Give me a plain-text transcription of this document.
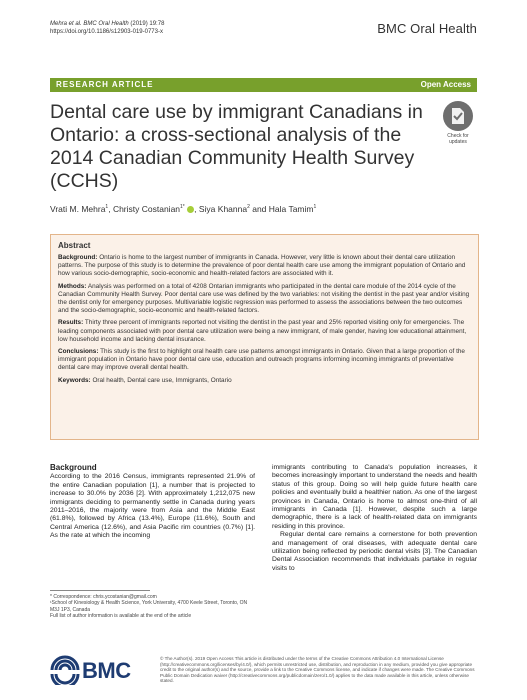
Mehra et al. BMC Oral Health (2019) 19:78
https://doi.org/10.1186/s12903-019-0773-x	BMC Oral Health
RESEARCH ARTICLE	Open Access
Dental care use by immigrant Canadians in Ontario: a cross-sectional analysis of the 2014 Canadian Community Health Survey (CCHS)
Check for updates
Vrati M. Mehra$^1$, Christy Costanian$^{1*}$ , Siya Khanna$^2$ and Hala Tamim$^1$
Abstract

Background: Ontario is home to the largest number of immigrants in Canada. However, very little is known about their dental care utilization patterns. The purpose of this study is to determine the prevalence of poor dental health care use among the immigrant population of Ontario and how various socio-demographic, socio-economic and health-related factors are associated with it.

Methods: Analysis was performed on a total of 4208 Ontarian immigrants who participated in the dental care module of the 2014 cycle of the Canadian Community Health Survey. Poor dental care use was defined by the two variables: not visiting the dentist in the past year and/or visiting the dentist only for emergency purposes. Multivariable logistic regression was performed to assess the associations between the two outcomes and the socio-demographic, socio-economic and health-related factors.

Results: Thirty three percent of immigrants reported not visiting the dentist in the past year and 25% reported visiting only for emergencies. The leading components associated with poor dental care utilization were being a new immigrant, of male gender, having low educational attainment, low household income and lacking dental insurance.

Conclusions: This study is the first to highlight oral health care use patterns amongst immigrants in Ontario. Given that a large proportion of the immigrant population in Ontario have poor dental care use, education and outreach programs informing incoming immigrants of preventative dental care may improve overall dental health.

Keywords: Oral health, Dental care use, Immigrants, Ontario

Background

According to the 2016 Census, immigrants represented 21.9% of the entire Canadian population [1], a number that is projected to increase to 30.0% by 2036 [2]. With approximately 1,212,075 new immigrants deciding to permanently settle in Canada during years 2011–2016, the majority were from Asia and the Middle East (61.8%), followed by Africa (13.4%), Europe (11.6%), South and Central America (12.6%), and Asia Pacific rim countries (0.7%) [1]. As the rate at which the incoming

immigrants contributing to Canada's population increases, it becomes increasingly important to understand the needs and health status of this group. Doing so will help guide future health care policies and eventually build a healthier nation. As one of the largest provinces in Canada, Ontario is home to almost one-third of all immigrants in Canada [1]. However, despite such a large demographic, there is a lack of health-related data on immigrants residing in this province.

Regular dental care remains a cornerstone for both prevention and management of oral diseases, with adequate dental care utilization being reflected by periodic dental visits [3]. The Canadian Dental Association recommends that individuals partake in regular visits to

* Correspondence: chris.ycostanian@gmail.com
¹School of Kinesiology & Health Science, York University, 4700 Keele Street, Toronto, ON M3J 1P3, Canada
Full list of author information is available at the end of the article
BMC	© The Author(s). 2019 Open Access This article is distributed under the terms of the Creative Commons Attribution 4.0 International License (http://creativecommons.org/licenses/by/4.0/), which permits unrestricted use, distribution, and reproduction in any medium, provided you give appropriate credit to the original author(s) and the source, provide a link to the Creative Commons license, and indicate if changes were made. The Creative Commons Public Domain Dedication waiver (http://creativecommons.org/publicdomain/zero/1.0/) applies to the data made available in this article, unless otherwise stated.
